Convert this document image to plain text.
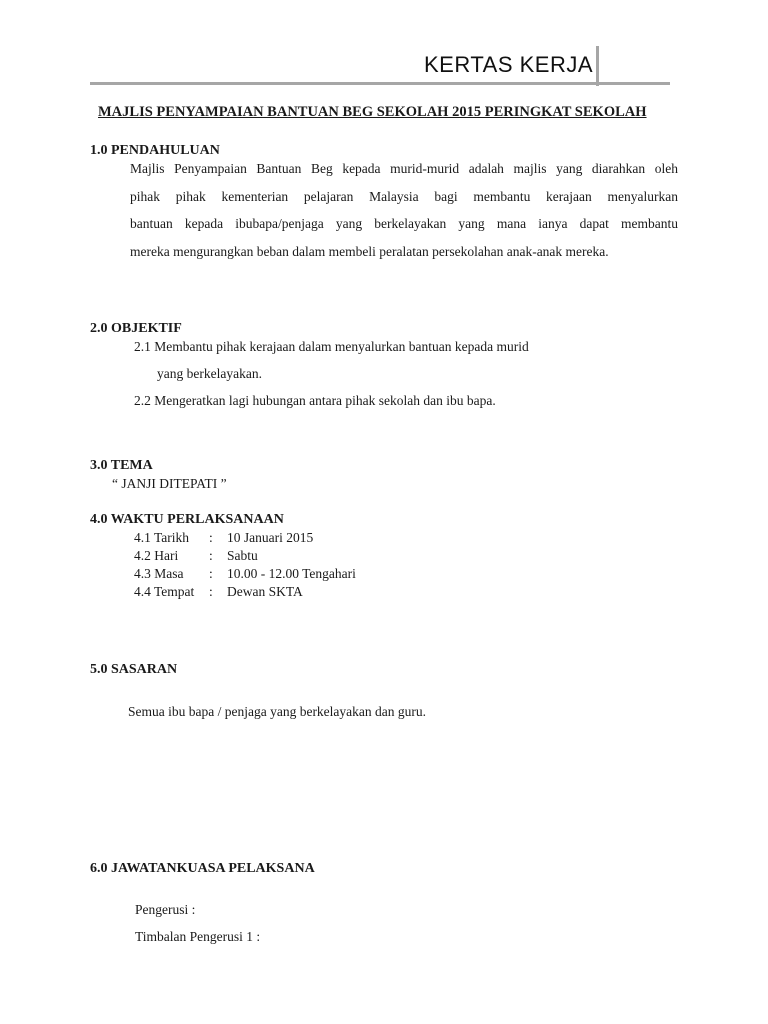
KERTAS KERJA
MAJLIS PENYAMPAIAN BANTUAN BEG SEKOLAH 2015 PERINGKAT SEKOLAH
1.0 PENDAHULUAN

Majlis Penyampaian Bantuan Beg kepada murid-murid adalah majlis yang diarahkan oleh

pihak pihak kementerian pelajaran Malaysia bagi membantu kerajaan menyalurkan

bantuan kepada ibubapa/penjaga yang berkelayakan yang mana ianya dapat membantu

mereka mengurangkan beban dalam membeli peralatan persekolahan anak-anak mereka.

2.0 OBJEKTIF
2.1 Membantu pihak kerajaan dalam menyalurkan bantuan kepada murid
yang berkelayakan.
2.2 Mengeratkan lagi hubungan antara pihak sekolah dan ibu bapa.
3.0 TEMA
“ JANJI DITEPATI ”
4.0 WAKTU PERLAKSANAAN
4.1 Tarikh : 10 Januari 2015
4.2 Hari : Sabtu
4.3 Masa : 10.00 - 12.00 Tengahari
4.4 Tempat : Dewan SKTA
5.0 SASARAN
Semua ibu bapa / penjaga yang berkelayakan dan guru.
6.0 JAWATANKUASA PELAKSANA
Pengerusi :
Timbalan Pengerusi 1 :
